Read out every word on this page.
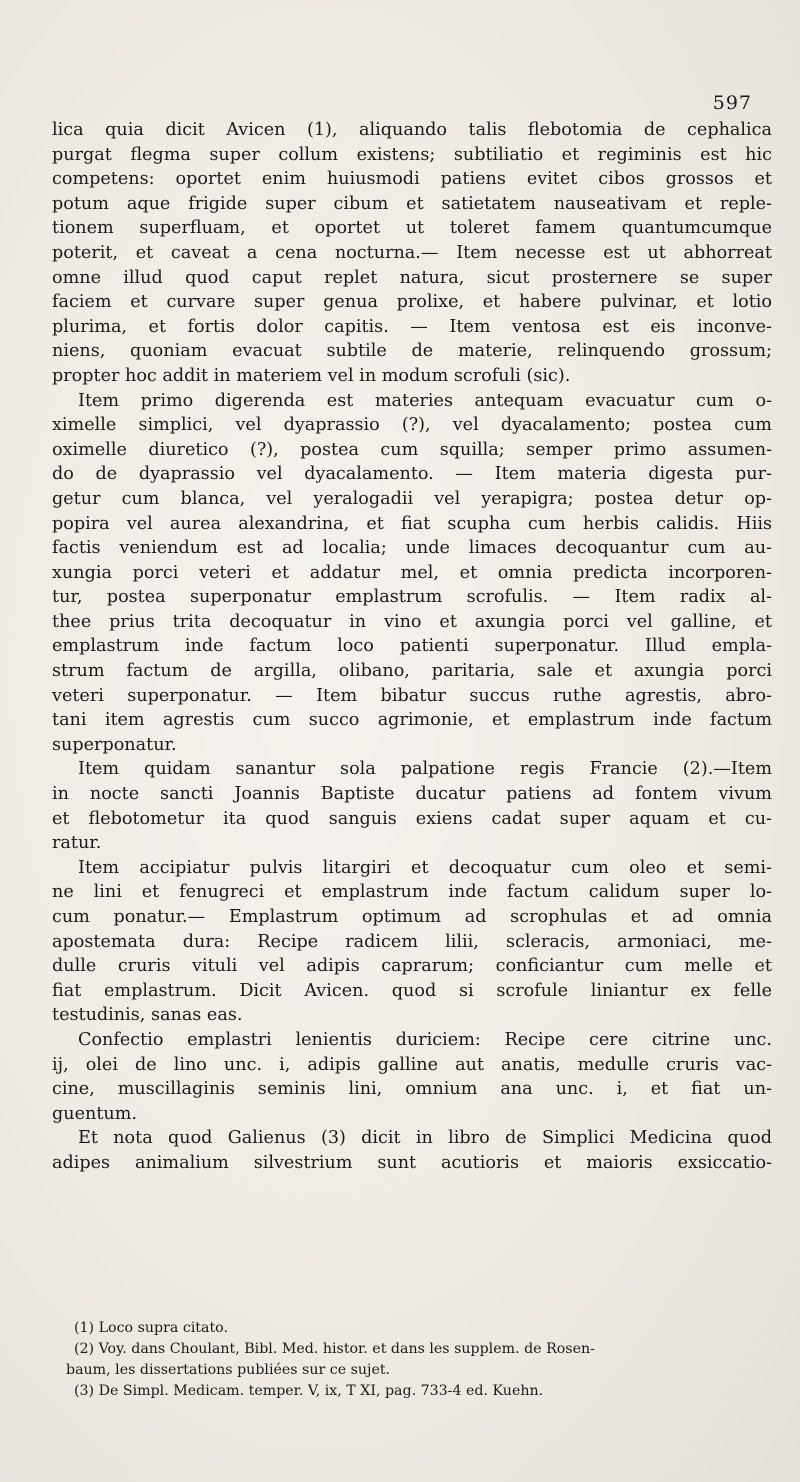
597
lica quia dicit Avicen (1), aliquando talis flebotomia de cephalica
purgat flegma super collum existens; subtiliatio et regiminis est hic
competens: oportet enim huiusmodi patiens evitet cibos grossos et
potum aque frigide super cibum et satietatem nauseativam et reple-
tionem superfluam, et oportet ut toleret famem quantumcumque
poterit, et caveat a cena nocturna.— Item necesse est ut abhorreat
omne illud quod caput replet natura, sicut prosternere se super
faciem et curvare super genua prolixe, et habere pulvinar, et lotio
plurima, et fortis dolor capitis. — Item ventosa est eis inconve-
niens, quoniam evacuat subtile de materie, relinquendo grossum;
propter hoc addit in materiem vel in modum scrofuli (sic).
Item primo digerenda est materies antequam evacuatur cum o-
ximelle simplici, vel dyaprassio (?), vel dyacalamento; postea cum
oximelle diuretico (?), postea cum squilla; semper primo assumen-
do de dyaprassio vel dyacalamento. — Item materia digesta pur-
getur cum blanca, vel yeralogadii vel yerapigra; postea detur op-
popira vel aurea alexandrina, et fiat scupha cum herbis calidis. Hiis
factis veniendum est ad localia; unde limaces decoquantur cum au-
xungia porci veteri et addatur mel, et omnia predicta incorporen-
tur, postea superponatur emplastrum scrofulis. — Item radix al-
thee prius trita decoquatur in vino et axungia porci vel galline, et
emplastrum inde factum loco patienti superponatur. Illud empla-
strum factum de argilla, olibano, paritaria, sale et axungia porci
veteri superponatur. — Item bibatur succus ruthe agrestis, abro-
tani item agrestis cum succo agrimonie, et emplastrum inde factum
superponatur.
Item quidam sanantur sola palpatione regis Francie (2).—Item
in nocte sancti Joannis Baptiste ducatur patiens ad fontem vivum
et flebotometur ita quod sanguis exiens cadat super aquam et cu-
ratur.
Item accipiatur pulvis litargiri et decoquatur cum oleo et semi-
ne lini et fenugreci et emplastrum inde factum calidum super lo-
cum ponatur.— Emplastrum optimum ad scrophulas et ad omnia
apostemata dura: Recipe radicem lilii, scleracis, armoniaci, me-
dulle cruris vituli vel adipis caprarum; conficiantur cum melle et
fiat emplastrum. Dicit Avicen. quod si scrofule liniantur ex felle
testudinis, sanas eas.
Confectio emplastri lenientis duriciem: Recipe cere citrine unc.
ij, olei de lino unc. i, adipis galline aut anatis, medulle cruris vac-
cine, muscillaginis seminis lini, omnium ana unc. i, et fiat un-
guentum.
Et nota quod Galienus (3) dicit in libro de Simplici Medicina quod
adipes animalium silvestrium sunt acutioris et maioris exsiccatio-
(1) Loco supra citato.
(2) Voy. dans Choulant, Bibl. Med. histor. et dans les supplem. de Rosen-
baum, les dissertations publiées sur ce sujet.
(3) De Simpl. Medicam. temper. V, ix, T XI, pag. 733-4 ed. Kuehn.
